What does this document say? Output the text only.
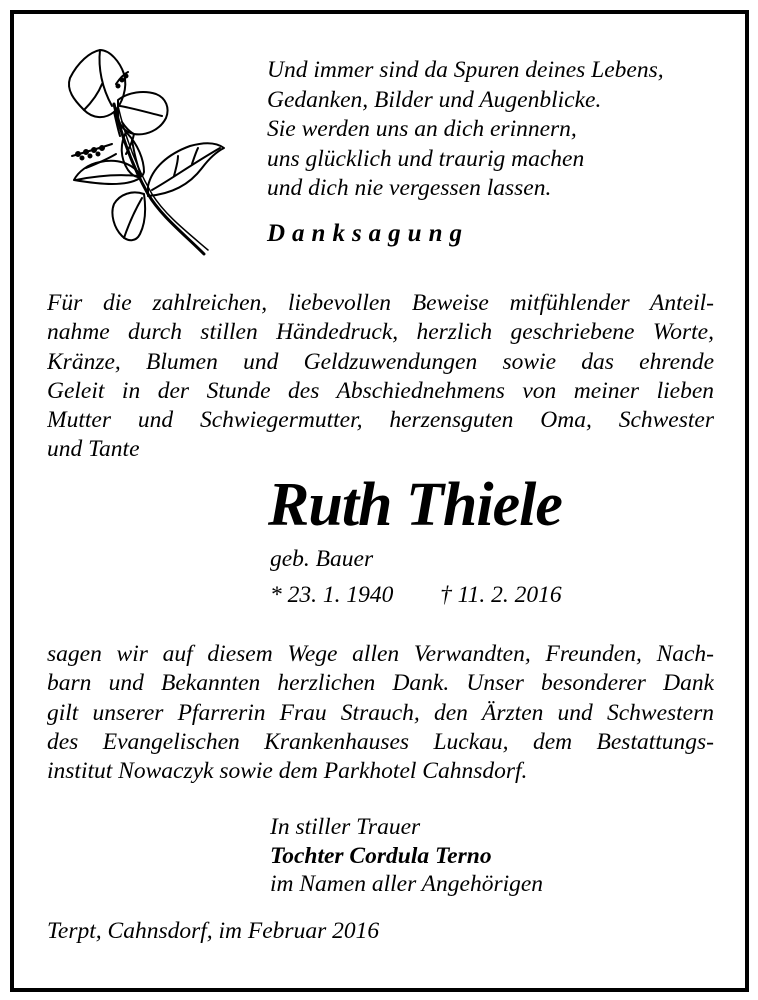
Und immer sind da Spuren deines Lebens,
Gedanken, Bilder und Augenblicke.
Sie werden uns an dich erinnern,
uns glücklich und traurig machen
und dich nie vergessen lassen.
Danksagung
Für die zahlreichen, liebevollen Beweise mitfühlender Anteil-
nahme durch stillen Händedruck, herzlich geschriebene Worte,
Kränze, Blumen und Geldzuwendungen sowie das ehrende
Geleit in der Stunde des Abschiednehmens von meiner lieben
Mutter und Schwiegermutter, herzensguten Oma, Schwester
und Tante
Ruth Thiele
geb. Bauer
* 23. 1. 1940 † 11. 2. 2016
sagen wir auf diesem Wege allen Verwandten, Freunden, Nach-
barn und Bekannten herzlichen Dank. Unser besonderer Dank
gilt unserer Pfarrerin Frau Strauch, den Ärzten und Schwestern
des Evangelischen Krankenhauses Luckau, dem Bestattungs-
institut Nowaczyk sowie dem Parkhotel Cahnsdorf.
In stiller Trauer
Tochter Cordula Terno
im Namen aller Angehörigen
Terpt, Cahnsdorf, im Februar 2016
